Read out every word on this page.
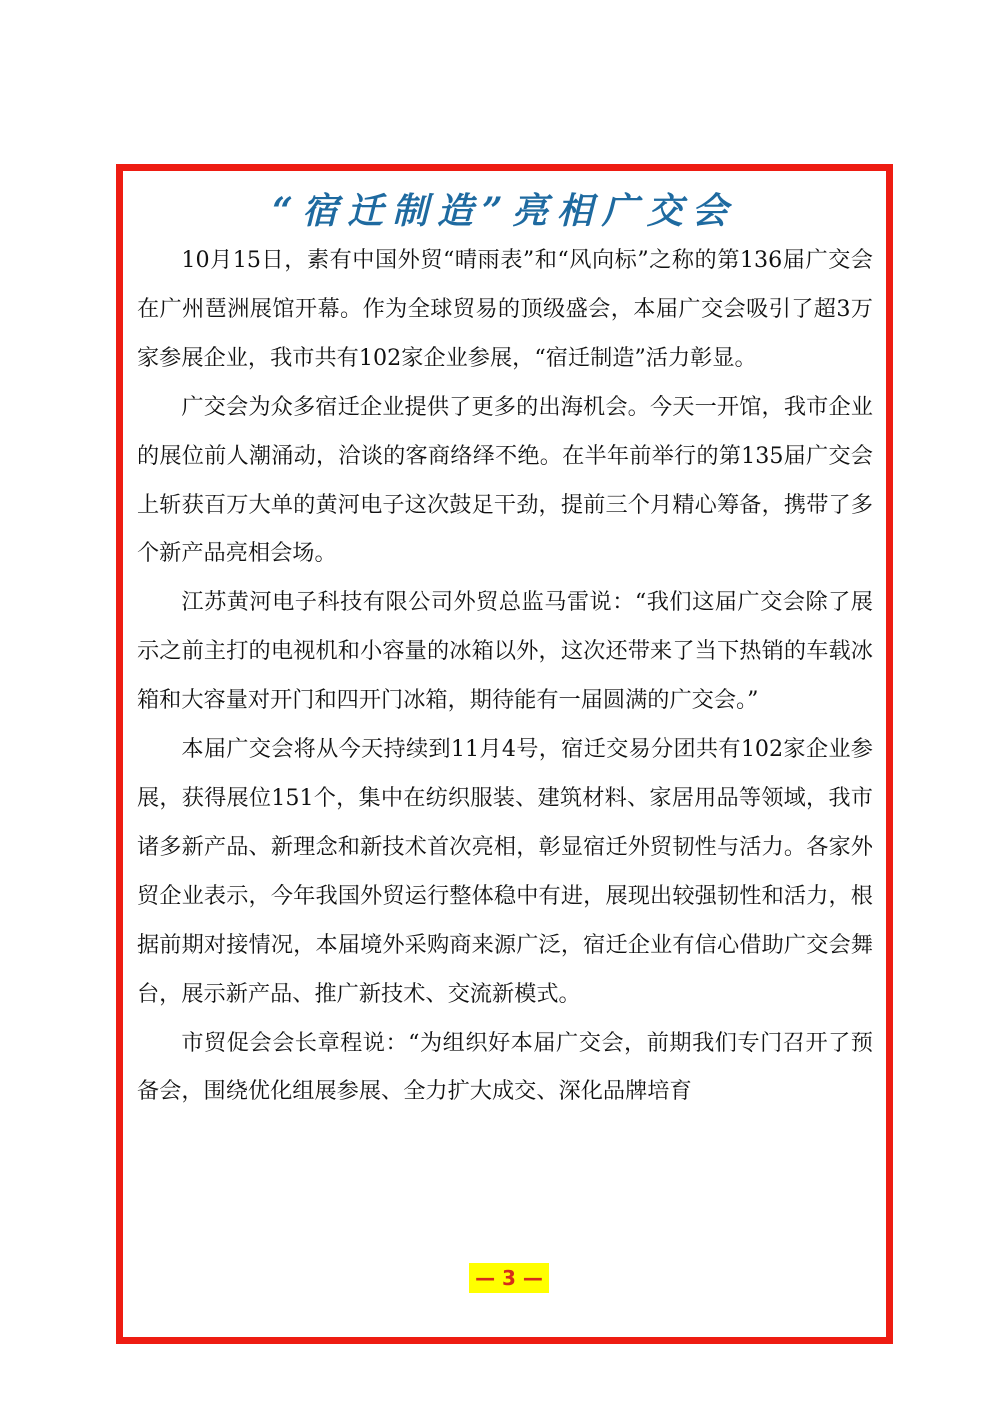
“宿迁制造”亮相广交会

10月15日，素有中国外贸“晴雨表”和“风向标”之称的第136届广交会在广州琶洲展馆开幕。作为全球贸易的顶级盛会，本届广交会吸引了超3万家参展企业，我市共有102家企业参展，“宿迁制造”活力彰显。

广交会为众多宿迁企业提供了更多的出海机会。今天一开馆，我市企业的展位前人潮涌动，洽谈的客商络绎不绝。在半年前举行的第135届广交会上斩获百万大单的黄河电子这次鼓足干劲，提前三个月精心筹备，携带了多个新产品亮相会场。

江苏黄河电子科技有限公司外贸总监马雷说：“我们这届广交会除了展示之前主打的电视机和小容量的冰箱以外，这次还带来了当下热销的车载冰箱和大容量对开门和四开门冰箱，期待能有一届圆满的广交会。”

本届广交会将从今天持续到11月4号，宿迁交易分团共有102家企业参展，获得展位151个，集中在纺织服装、建筑材料、家居用品等领域，我市诸多新产品、新理念和新技术首次亮相，彰显宿迁外贸韧性与活力。各家外贸企业表示，今年我国外贸运行整体稳中有进，展现出较强韧性和活力，根据前期对接情况，本届境外采购商来源广泛，宿迁企业有信心借助广交会舞台，展示新产品、推广新技术、交流新模式。

市贸促会会长章程说：“为组织好本届广交会，前期我们专门召开了预备会，围绕优化组展参展、全力扩大成交、深化品牌培育

— 3 —
